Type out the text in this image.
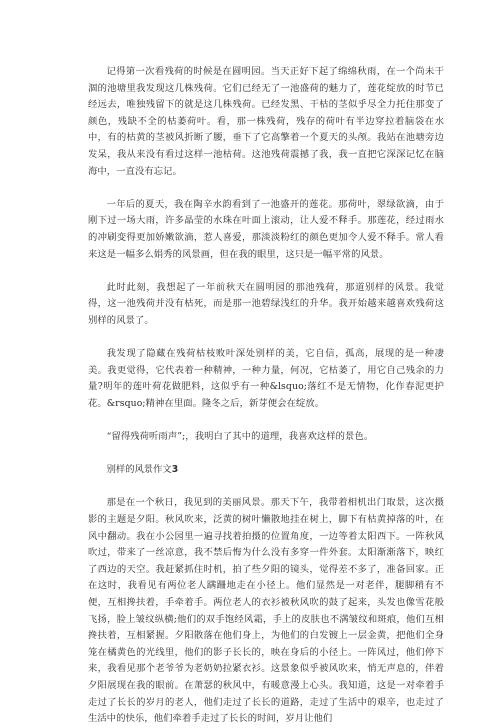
记得第一次看残荷的时候是在圆明园。当天正好下起了绵绵秋雨，在一个尚未干涸的池塘里我发现这几株残荷。它们已经无了一池盛荷的魅力了，莲花绽放的时节已经远去，唯独残留下的就是这几株残荷。已经发黑、干枯的茎似乎尽全力托住那变了颜色，残缺不全的枯萎荷叶。看，那一株残荷，残存的荷叶有半边穿拉着脑袋在水中，有的枯黄的茎被风折断了腰，垂下了它高擎着一个夏天的头颅。我站在池塘旁边发呆，我从来没有看过这样一池枯荷。这池残荷震撼了我，我一直把它深深记忆在脑海中，一直没有忘记。

一年后的夏天，我在陶辛水韵看到了一池盛开的莲花。那荷叶，翠绿欲滴，由于刚下过一场大雨，许多晶莹的水珠在叶面上滚动，让人爱不释手。那莲花，经过雨水的冲刷变得更加娇嫩欲滴，惹人喜爱，那淡淡粉红的颜色更加令人爱不释手。常人看来这是一幅多么娟秀的风景画，但在我的眼里，这只是一幅平常的风景。

此时此刻，我想起了一年前秋天在圆明园的那池残荷，那道别样的风景。我觉得，这一池残荷并没有枯死，而是那一池碧绿浅红的升华。我开始越来越喜欢残荷这别样的风景了。

我发现了隐藏在残荷枯枝败叶深处别样的美，它自信，孤高，展现的是一种凄美。我更觉得，它代表着一种精神，一种力量，何况，它枯萎了，用它自己残余的力量?明年的莲叶荷花做肥料，这似乎有一种&lsquo;落红不是无情物，化作春泥更护花。&rsquo;精神在里面。隆冬之后，新芽便会在绽放。

“留得残荷听雨声”;，我明白了其中的道理，我喜欢这样的景色。

别样的风景作文3

那是在一个秋日，我见到的美丽风景。那天下午，我带着相机出门取景，这次摄影的主题是夕阳。秋风吹来，泛黄的树叶懒散地挂在树上，脚下有枯黄掉落的叶，在风中翻动。我在小公园里一遍寻找着拍摄的位置角度，一边等着太阳西下。一阵秋风吹过，带来了一丝凉意，我不禁后悔为什么没有多穿一件外套。太阳渐渐落下，映红了西边的天空。我赶紧抓住时机，拍了些夕阳的镜头，觉得差不多了，准备回家。正在这时，我看见有两位老人蹒跚地走在小径上。他们显然是一对老伴，腿脚稍有不便，互相搀扶着，手牵着手。两位老人的衣衫被秋风吹的鼓了起来，头发也像雪花般飞扬，脸上皱纹纵横;他们的双手饱经风霜，手上的皮肤也不满皱纹和斑痕，他们互相搀扶着，互相紧握。夕阳散落在他们身上，为他们的白发镀上一层金黄，把他们全身笼在橘黄色的光线里，他们的影子长长的，映在身后的小径上。一阵风过，他们停下来，我看见那个老爷爷为老奶奶拉紧衣衫。这景象似乎被风吹来，悄无声息的，伴着夕阳展现在我的眼前。在萧瑟的秋风中，有暖意漫上心头。我知道，这是一对牵着手走过了长长的岁月的老人，他们走过了长长的道路，走过了生活中的艰辛，也走过了生活中的快乐，他们牵着手走过了长长的时间，岁月让他们
